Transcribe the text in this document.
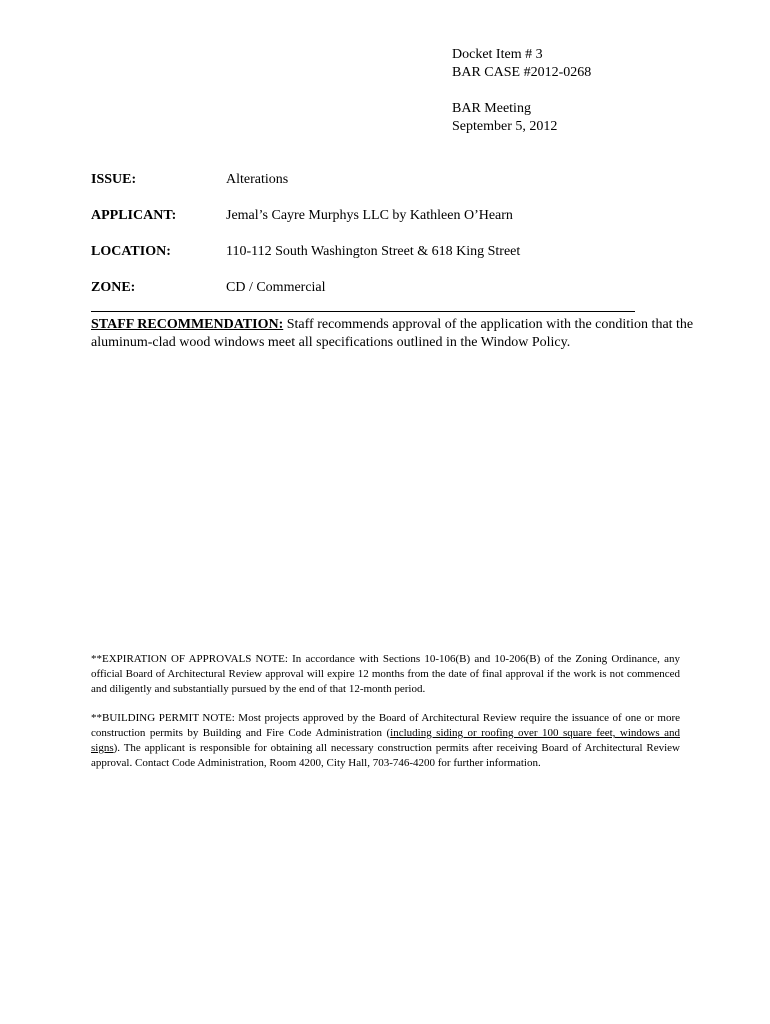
Docket Item # 3
BAR CASE #2012-0268
BAR Meeting
September 5, 2012
ISSUE:	Alterations
APPLICANT:	Jemal’s Cayre Murphys LLC by Kathleen O’Hearn
LOCATION:	110-112 South Washington Street & 618 King Street
ZONE:	CD / Commercial
STAFF RECOMMENDATION: Staff recommends approval of the application with the condition that the aluminum-clad wood windows meet all specifications outlined in the Window Policy.
**EXPIRATION OF APPROVALS NOTE: In accordance with Sections 10-106(B) and 10-206(B) of the Zoning Ordinance, any official Board of Architectural Review approval will expire 12 months from the date of final approval if the work is not commenced and diligently and substantially pursued by the end of that 12-month period.
**BUILDING PERMIT NOTE: Most projects approved by the Board of Architectural Review require the issuance of one or more construction permits by Building and Fire Code Administration (including siding or roofing over 100 square feet, windows and signs). The applicant is responsible for obtaining all necessary construction permits after receiving Board of Architectural Review approval. Contact Code Administration, Room 4200, City Hall, 703-746-4200 for further information.
